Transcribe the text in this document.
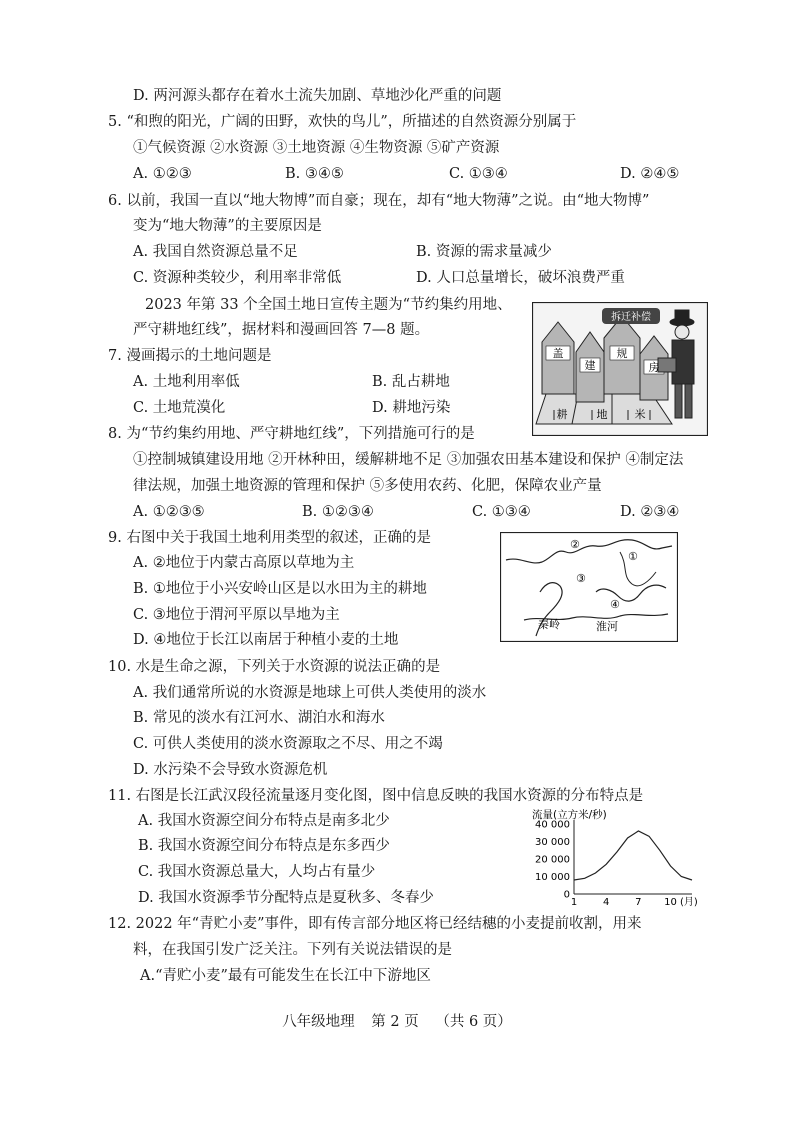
D. 两河源头都存在着水土流失加剧、草地沙化严重的问题
5. “和煦的阳光，广阔的田野，欢快的鸟儿”，所描述的自然资源分别属于
①气候资源 ②水资源 ③土地资源 ④生物资源 ⑤矿产资源
A. ①②③	B. ③④⑤	C. ①③④	D. ②④⑤
6. 以前，我国一直以“地大物博”而自豪；现在，却有“地大物薄”之说。由“地大物博”
变为“地大物薄”的主要原因是
A. 我国自然资源总量不足	B. 资源的需求量减少
C. 资源种类较少，利用率非常低	D. 人口总量增长，破坏浪费严重
2023 年第 33 个全国土地日宣传主题为“节约集约用地、
严守耕地红线”，据材料和漫画回答 7—8 题。
拆迁补偿
盖
建
规
房
耕	地 米
7. 漫画揭示的土地问题是
A. 土地利用率低	B. 乱占耕地
C. 土地荒漠化	D. 耕地污染
8. 为“节约集约用地、严守耕地红线”，下列措施可行的是
①控制城镇建设用地 ②开林种田，缓解耕地不足 ③加强农田基本建设和保护 ④制定法
律法规，加强土地资源的管理和保护 ⑤多使用农药、化肥，保障农业产量
A. ①②③⑤	B. ①②③④	C. ①③④	D. ②③④
9. 右图中关于我国土地利用类型的叙述，正确的是
A. ②地位于内蒙古高原以草地为主
B. ①地位于小兴安岭山区是以水田为主的耕地
C. ③地位于渭河平原以旱地为主
D. ④地位于长江以南居于种植小麦的土地
②
①
③
④
秦岭	淮河
10. 水是生命之源，下列关于水资源的说法正确的是
A. 我们通常所说的水资源是地球上可供人类使用的淡水
B. 常见的淡水有江河水、湖泊水和海水
C. 可供人类使用的淡水资源取之不尽、用之不竭
D. 水污染不会导致水资源危机
11. 右图是长江武汉段径流量逐月变化图，图中信息反映的我国水资源的分布特点是
A. 我国水资源空间分布特点是南多北少
B. 我国水资源空间分布特点是东多西少
C. 我国水资源总量大，人均占有量少
D. 我国水资源季节分配特点是夏秋多、冬春少
流量(立方米/秒)
0
10 000
20 000
30 000
40 000
1	4	7 10 (月)
12. 2022 年“青贮小麦”事件，即有传言部分地区将已经结穗的小麦提前收割，用来
料，在我国引发广泛关注。下列有关说法错误的是
A.“青贮小麦”最有可能发生在长江中下游地区
八年级地理 第 2 页 （共 6 页）
